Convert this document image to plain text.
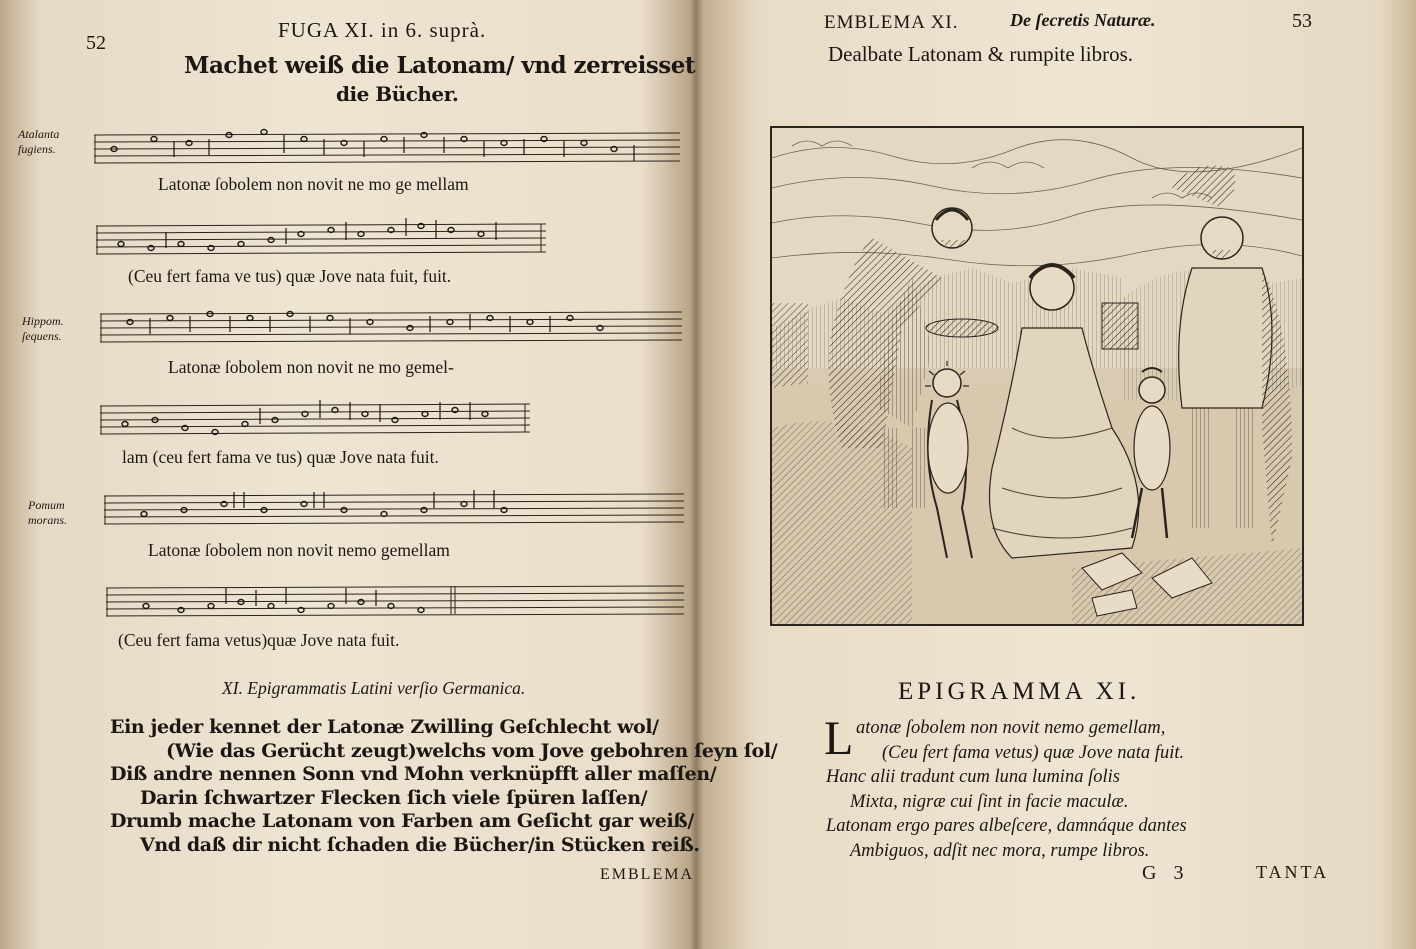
52
FUGA XI. in 6. suprà.
Machet weiß die Latonam/ vnd zerreisset
die Bücher.
Atalanta fugiens.
Latonæ ſobolem non novit ne mo ge mellam
(Ceu fert fama ve tus) quæ Jove nata fuit, fuit.
Hippom. ſequens.
Latonæ ſobolem non novit ne mo gemel-
lam (ceu fert fama ve tus) quæ Jove nata fuit.
Pomum morans.
Latonæ ſobolem non novit nemo gemellam
(Ceu fert fama vetus)quæ Jove nata fuit.
XI. Epigrammatis Latini verſio Germanica.
Ein jeder kennet der Latonæ Zwilling Geſchlecht wol/
(Wie das Gerücht zeugt)welchs vom Jove gebohren ſeyn ſol/
Diß andre nennen Sonn vnd Mohn verknüpfft aller maſſen/
Darin ſchwartzer Flecken ſich viele ſpüren laſſen/
Drumb mache Latonam von Farben am Geſicht gar weiß/
Vnd daß dir nicht ſchaden die Bücher/in Stücken reiß.
EMBLEMA
EMBLEMA XI.	De ſecretis Naturæ.	53
Dealbate Latonam & rumpite libros.
EPIGRAMMA XI.
L atonæ ſobolem non novit nemo gemellam,
(Ceu fert fama vetus) quæ Jove nata fuit.
Hanc alii tradunt cum luna lumina ſolis
Mixta, nigræ cui ſint in facie maculæ.
Latonam ergo pares albeſcere, damnáque dantes
Ambiguos, adſit nec mora, rumpe libros.
G 3	TANTA
